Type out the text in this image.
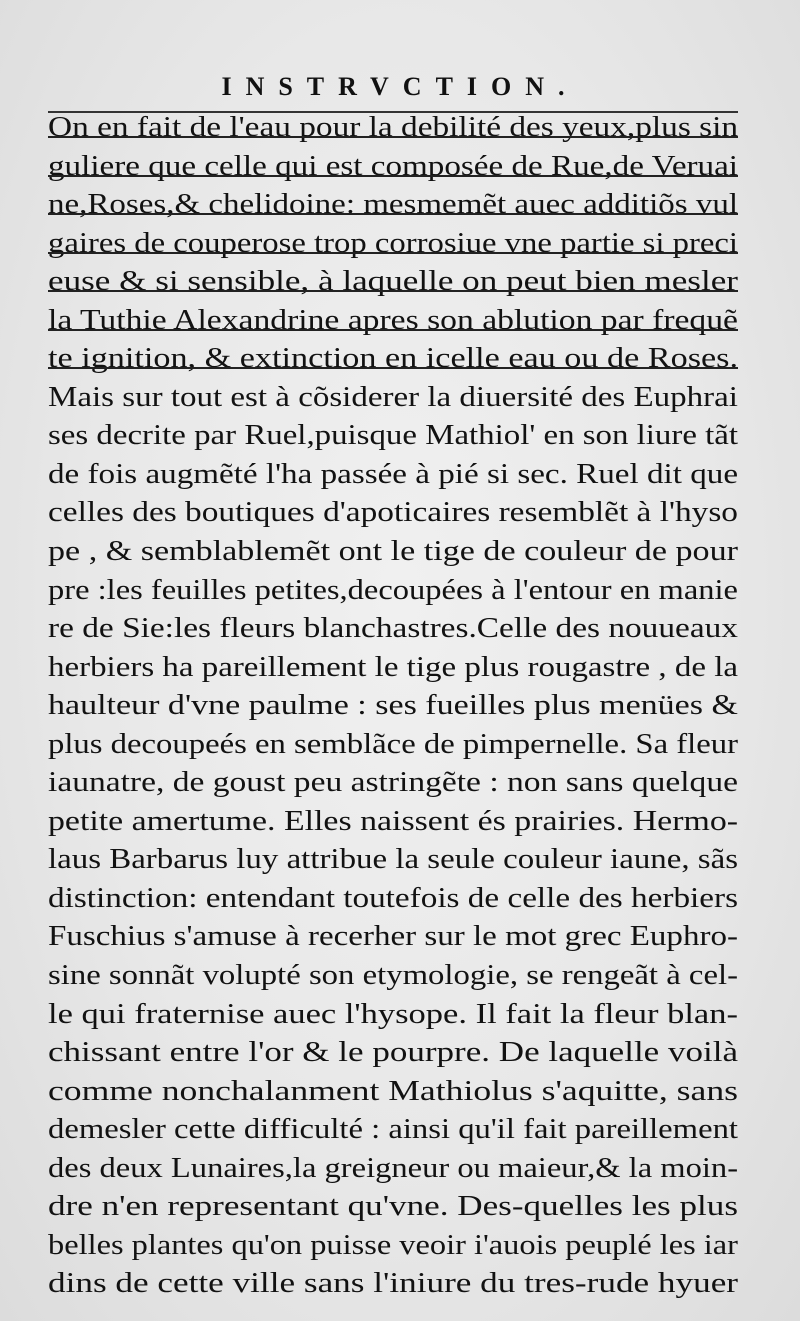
INSTRVCTION.
On en fait de l'eau pour la debilité des yeux,plus sin
guliere que celle qui est composée de Rue,de Veruai
ne,Roses,& chelidoine: mesmemẽt auec additiõs vul
gaires de couperose trop corrosiue vne partie si preci
euse & si sensible, à laquelle on peut bien mesler
la Tuthie Alexandrine apres son ablution par frequẽ
te ignition, & extinction en icelle eau ou de Roses.
Mais sur tout est à cõsiderer la diuersité des Euphrai
ses decrite par Ruel,puisque Mathiol' en son liure tãt
de fois augmẽté l'ha passée à pié si sec. Ruel dit que
celles des boutiques d'apoticaires resemblẽt à l'hyso
pe , & semblablemẽt ont le tige de couleur de pour
pre :les feuilles petites,decoupées à l'entour en manie
re de Sie:les fleurs blanchastres.Celle des nouueaux
herbiers ha pareillement le tige plus rougastre , de la
haulteur d'vne paulme : ses fueilles plus menües &
plus decoupeés en semblãce de pimpernelle. Sa fleur
iaunatre, de goust peu astringẽte : non sans quelque
petite amertume. Elles naissent és prairies. Hermo-
laus Barbarus luy attribue la seule couleur iaune, sãs
distinction: entendant toutefois de celle des herbiers
Fuschius s'amuse à recerher sur le mot grec Euphro-
sine sonnãt volupté son etymologie, se rengeãt à cel-
le qui fraternise auec l'hysope. Il fait la fleur blan-
chissant entre l'or & le pourpre. De laquelle voilà
comme nonchalanment Mathiolus s'aquitte, sans
demesler cette difficulté : ainsi qu'il fait pareillement
des deux Lunaires,la greigneur ou maieur,& la moin-
dre n'en representant qu'vne. Des-quelles les plus
belles plantes qu'on puisse veoir i'auois peuplé les iar
dins de cette ville sans l'iniure du tres-rude hyuer
